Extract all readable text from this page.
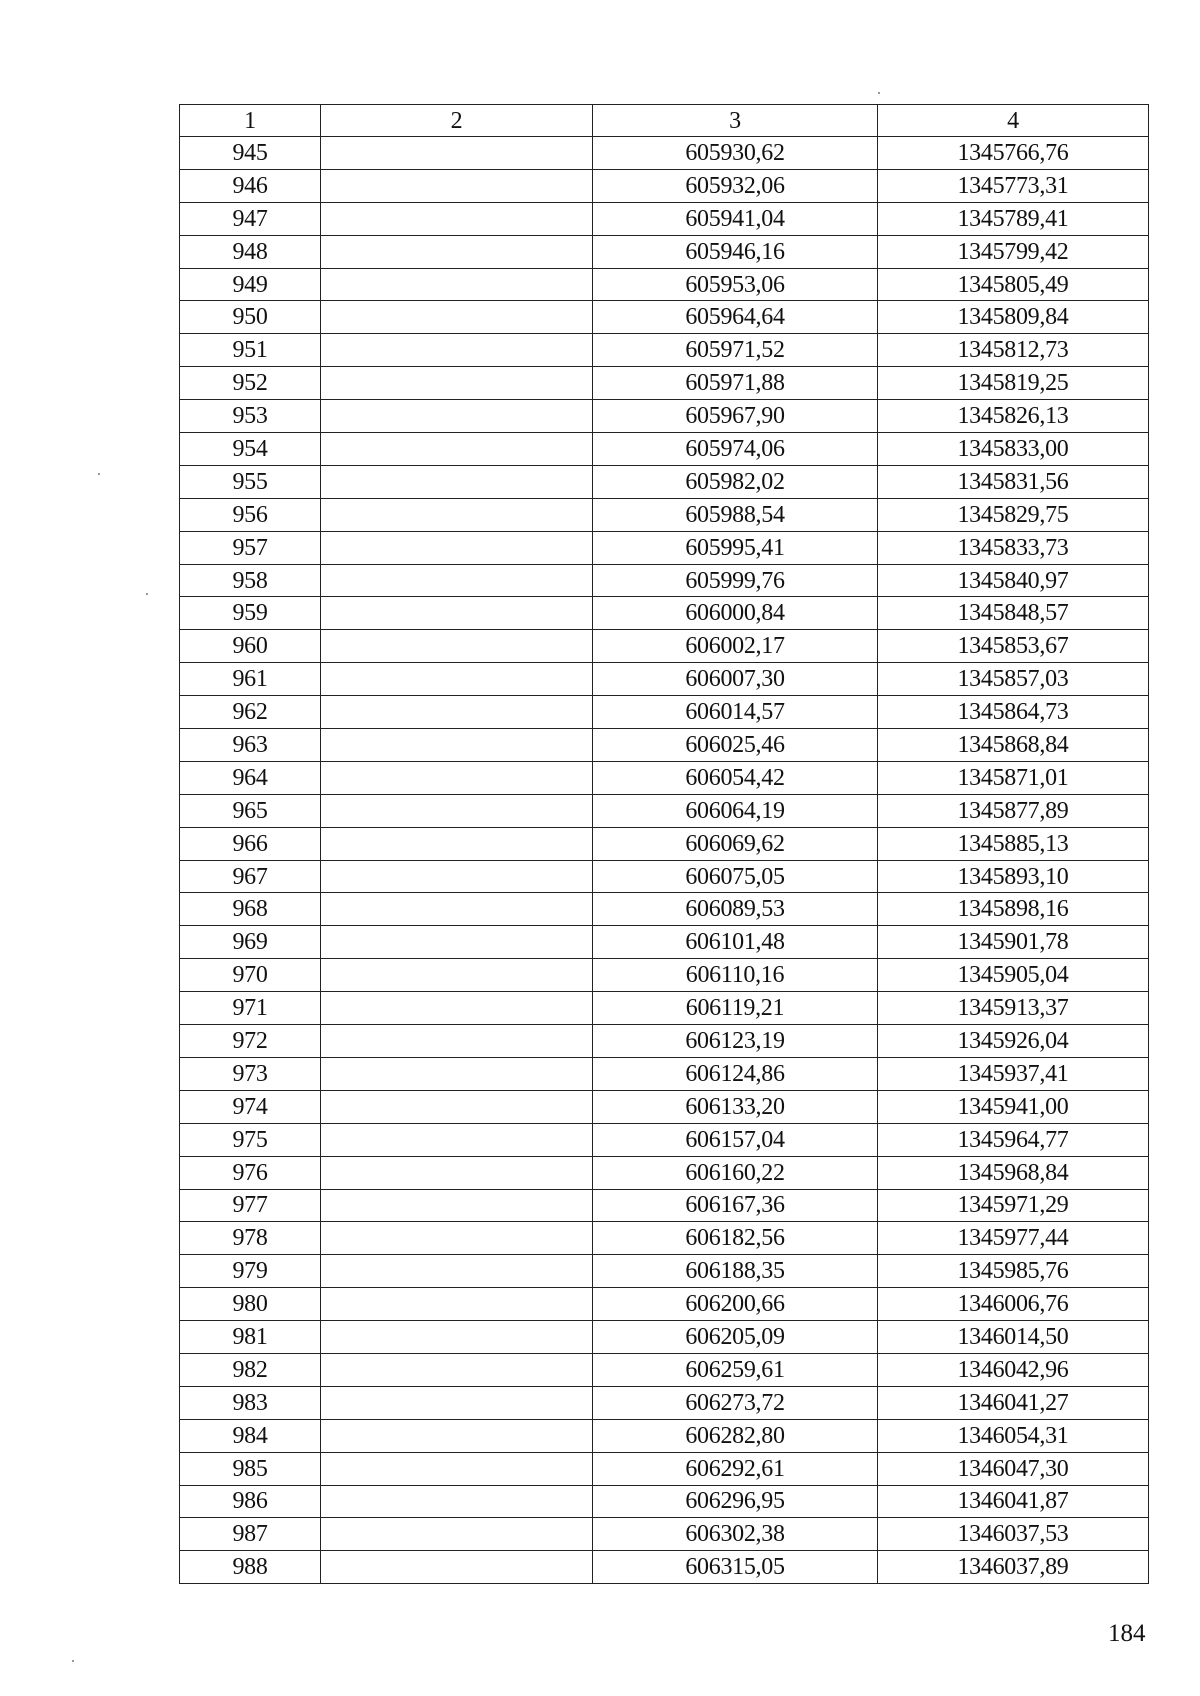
1	2	3	4
945		605930,62	1345766,76
946		605932,06	1345773,31
947		605941,04	1345789,41
948		605946,16	1345799,42
949		605953,06	1345805,49
950		605964,64	1345809,84
951		605971,52	1345812,73
952		605971,88	1345819,25
953		605967,90	1345826,13
954		605974,06	1345833,00
955		605982,02	1345831,56
956		605988,54	1345829,75
957		605995,41	1345833,73
958		605999,76	1345840,97
959		606000,84	1345848,57
960		606002,17	1345853,67
961		606007,30	1345857,03
962		606014,57	1345864,73
963		606025,46	1345868,84
964		606054,42	1345871,01
965		606064,19	1345877,89
966		606069,62	1345885,13
967		606075,05	1345893,10
968		606089,53	1345898,16
969		606101,48	1345901,78
970		606110,16	1345905,04
971		606119,21	1345913,37
972		606123,19	1345926,04
973		606124,86	1345937,41
974		606133,20	1345941,00
975		606157,04	1345964,77
976		606160,22	1345968,84
977		606167,36	1345971,29
978		606182,56	1345977,44
979		606188,35	1345985,76
980		606200,66	1346006,76
981		606205,09	1346014,50
982		606259,61	1346042,96
983		606273,72	1346041,27
984		606282,80	1346054,31
985		606292,61	1346047,30
986		606296,95	1346041,87
987		606302,38	1346037,53
988		606315,05	1346037,89
184
